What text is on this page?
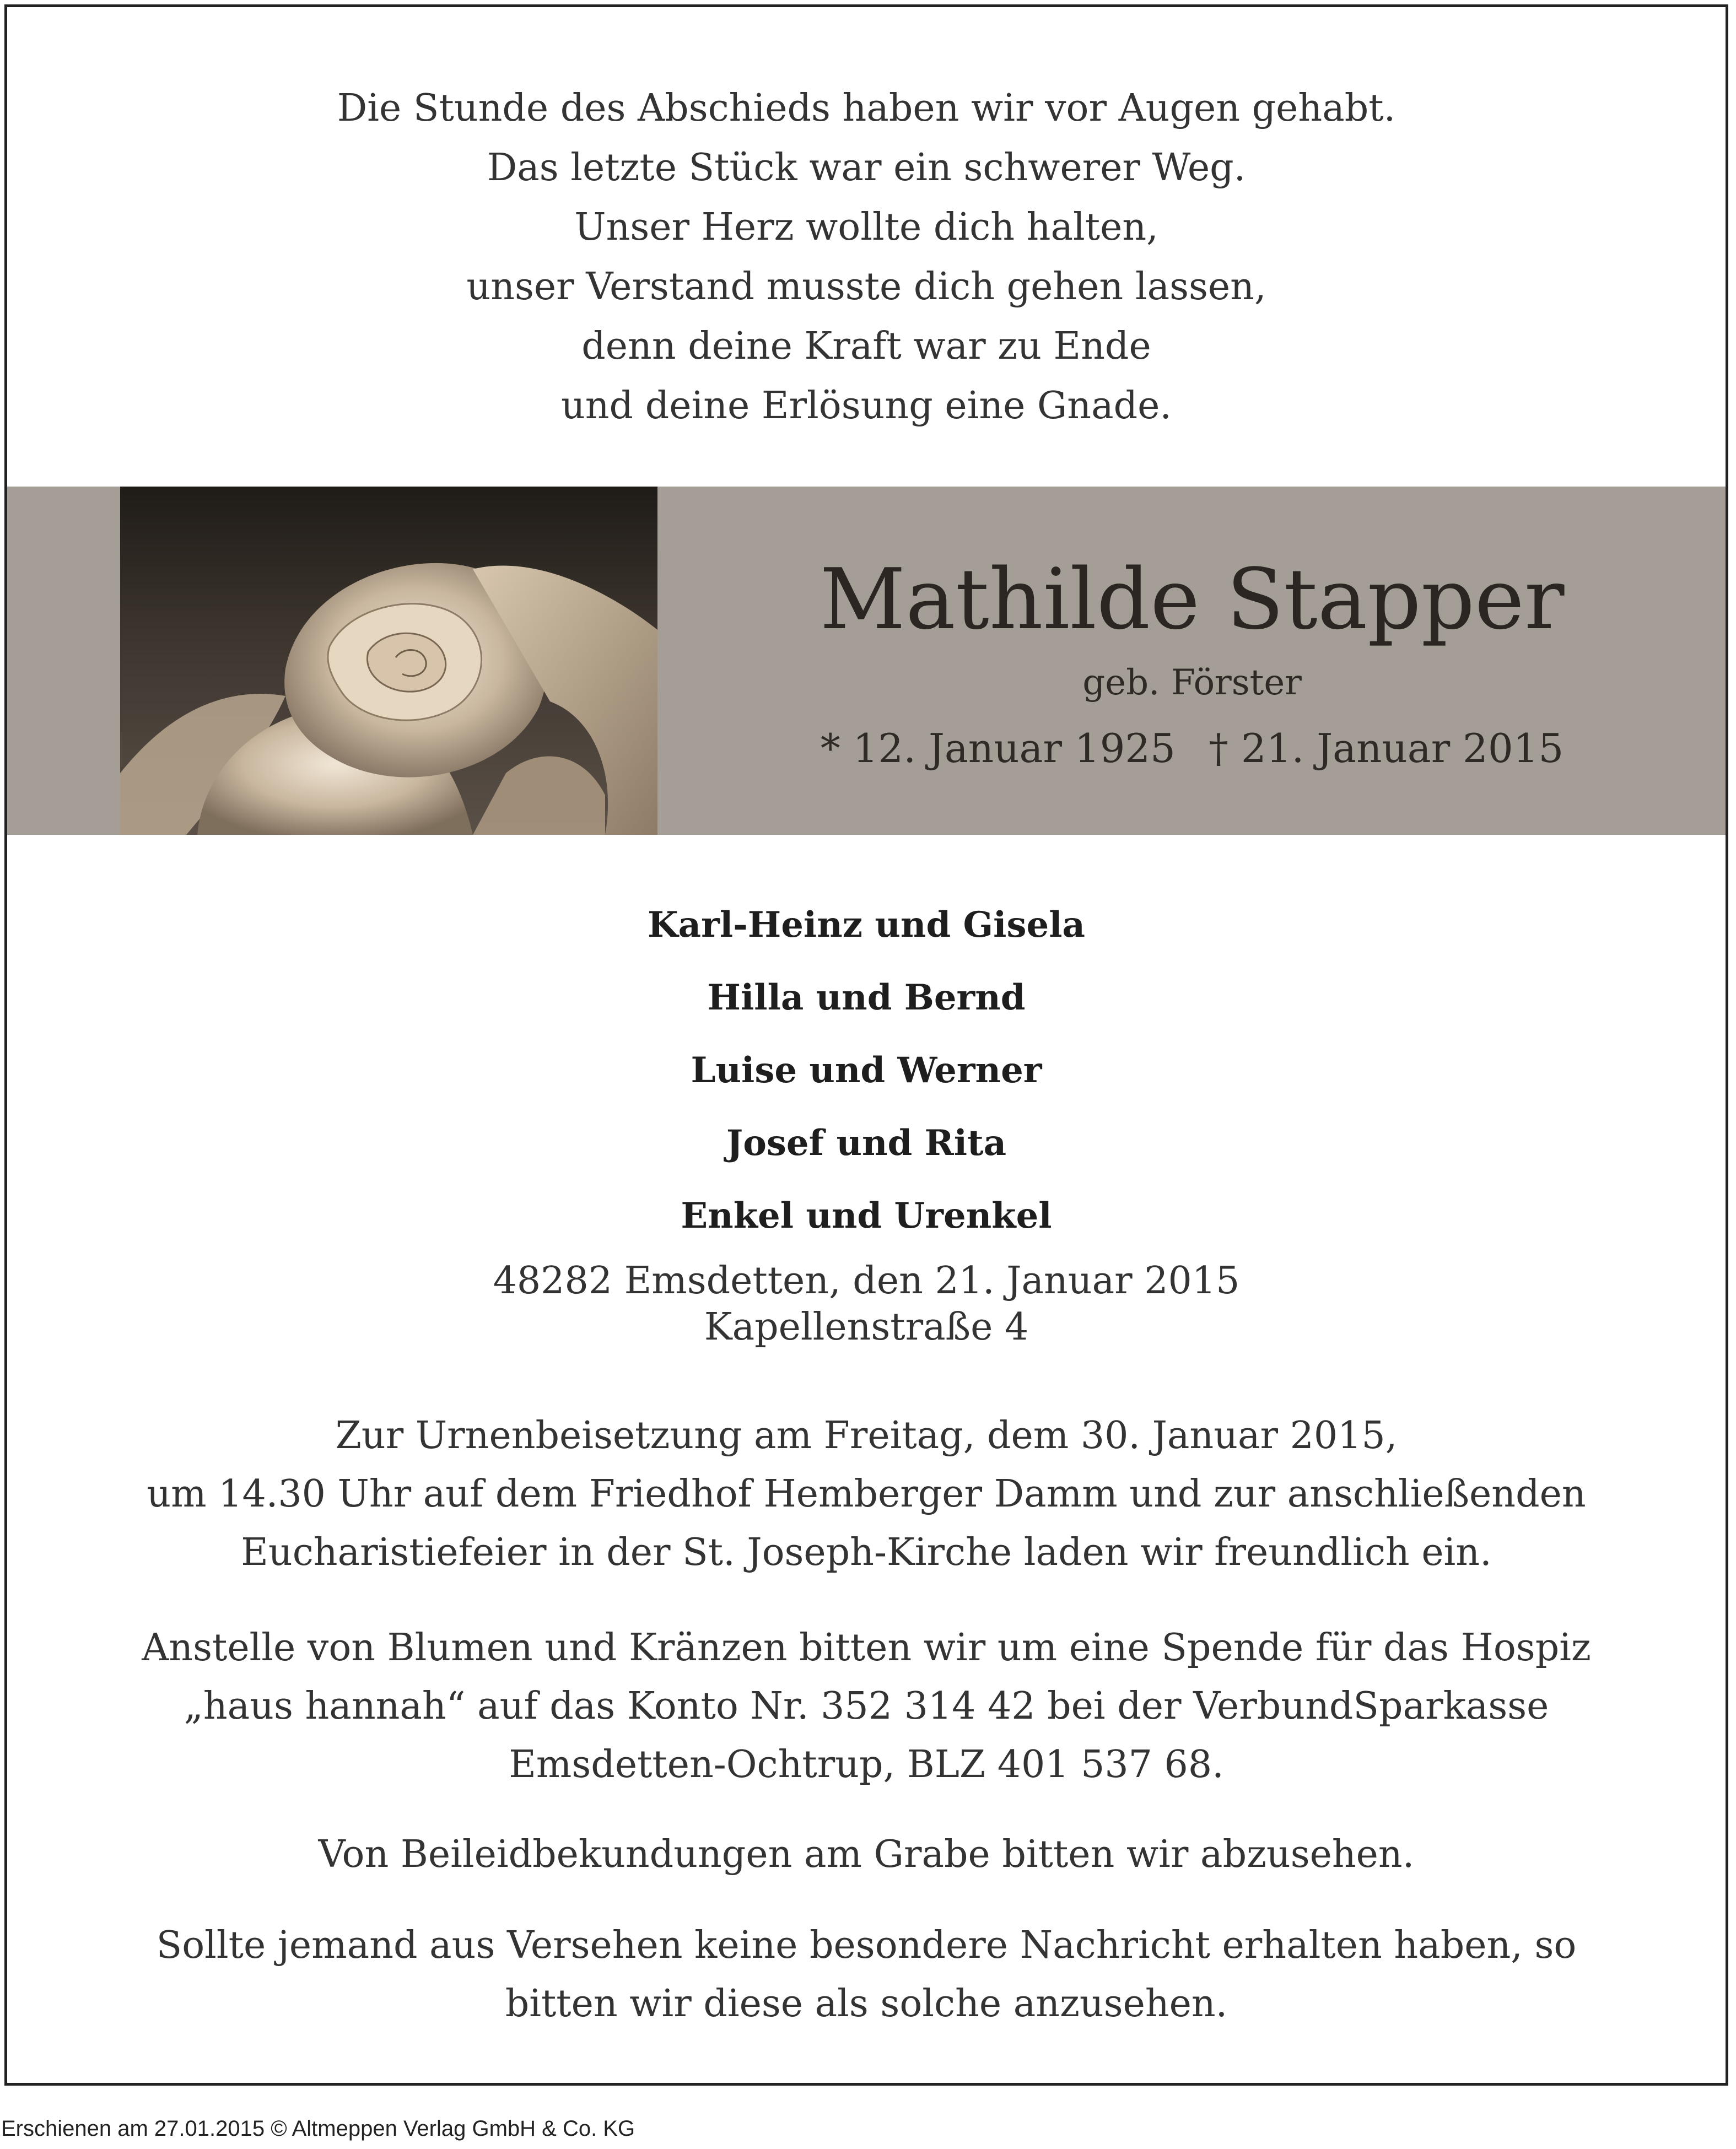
Die Stunde des Abschieds haben wir vor Augen gehabt.
Das letzte Stück war ein schwerer Weg.
Unser Herz wollte dich halten,
unser Verstand musste dich gehen lassen,
denn deine Kraft war zu Ende
und deine Erlösung eine Gnade.
Mathilde Stapper
geb. Förster
* 12. Januar 1925 † 21. Januar 2015
Karl-Heinz und Gisela
Hilla und Bernd
Luise und Werner
Josef und Rita
Enkel und Urenkel
48282 Emsdetten, den 21. Januar 2015
Kapellenstraße 4
Zur Urnenbeisetzung am Freitag, dem 30. Januar 2015,
um 14.30 Uhr auf dem Friedhof Hemberger Damm und zur anschließenden
Eucharistiefeier in der St. Joseph-Kirche laden wir freundlich ein.
Anstelle von Blumen und Kränzen bitten wir um eine Spende für das Hospiz
„haus hannah“ auf das Konto Nr. 352 314 42 bei der VerbundSparkasse
Emsdetten-Ochtrup, BLZ 401 537 68.
Von Beileidbekundungen am Grabe bitten wir abzusehen.
Sollte jemand aus Versehen keine besondere Nachricht erhalten haben, so
bitten wir diese als solche anzusehen.
Erschienen am 27.01.2015 © Altmeppen Verlag GmbH & Co. KG
